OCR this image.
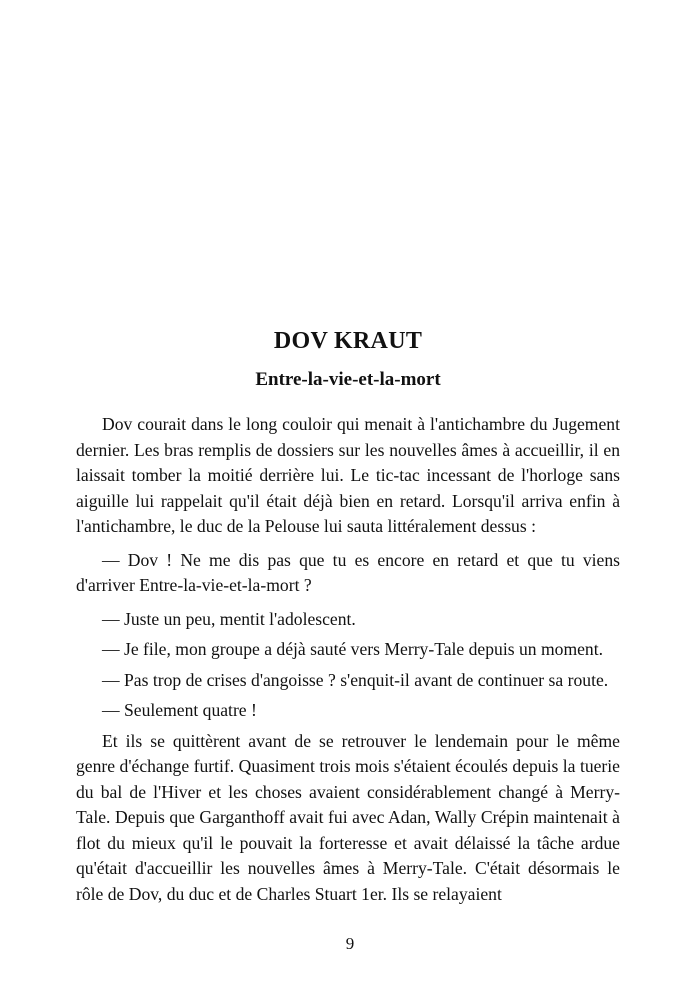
DOV KRAUT
Entre-la-vie-et-la-mort

Dov courait dans le long couloir qui menait à l'antichambre du Jugement dernier. Les bras remplis de dossiers sur les nouvelles âmes à accueillir, il en laissait tomber la moitié derrière lui. Le tic-tac incessant de l'horloge sans aiguille lui rappelait qu'il était déjà bien en retard. Lorsqu'il arriva enfin à l'antichambre, le duc de la Pelouse lui sauta littéralement dessus :

— Dov ! Ne me dis pas que tu es encore en retard et que tu viens d'arriver Entre-la-vie-et-la-mort ?

— Juste un peu, mentit l'adolescent.

— Je file, mon groupe a déjà sauté vers Merry-Tale depuis un moment.

— Pas trop de crises d'angoisse ? s'enquit-il avant de continuer sa route.

— Seulement quatre !

Et ils se quittèrent avant de se retrouver le lendemain pour le même genre d'échange furtif. Quasiment trois mois s'étaient écoulés depuis la tuerie du bal de l'Hiver et les choses avaient considérablement changé à Merry-Tale. Depuis que Garganthoff avait fui avec Adan, Wally Crépin maintenait à flot du mieux qu'il le pouvait la forteresse et avait délaissé la tâche ardue qu'était d'accueillir les nouvelles âmes à Merry-Tale. C'était désormais le rôle de Dov, du duc et de Charles Stuart 1er. Ils se relayaient

9
